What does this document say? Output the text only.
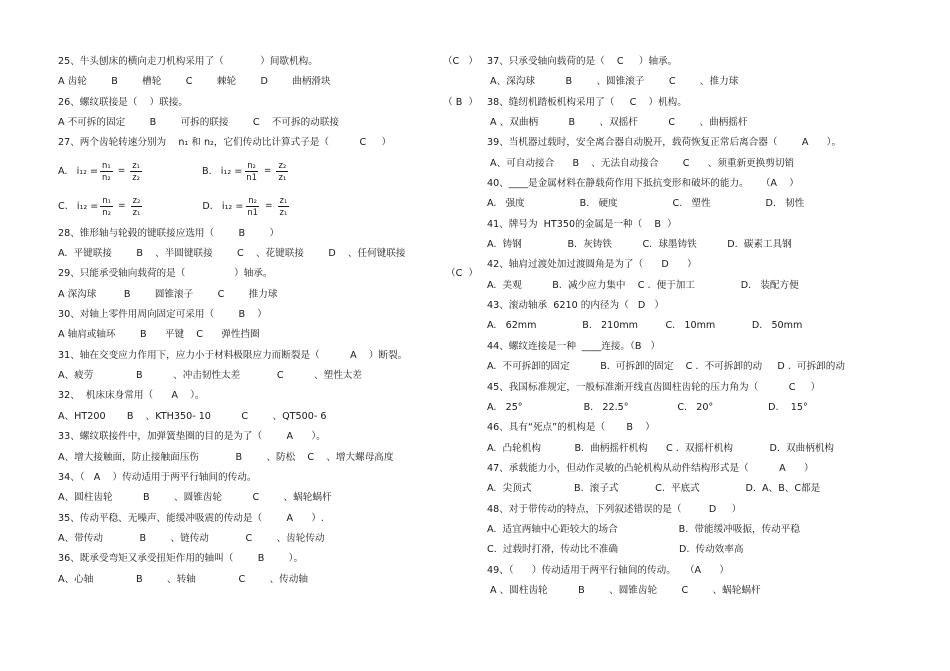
25、牛头刨床的横向走刀机构采用了（            ）间歇机构。	（C   ）
A 齿轮        B        槽轮        C        棘轮        D        曲柄滑块
26、螺纹联接是（    ）联接。	（ B  ）
A 不可拆的固定        B        可拆的联接        C    不可拆的动联接
27、两个齿轮转速分别为    n₁ 和 n₂，它们传动比计算式子是（          C     ）
A.   $i_{12} = \frac{\text{n₁}}{\text{n₂}} = \frac{\text{z₁}}{\text{z₂}}$	B.   $i_{12} = \frac{\text{n₂}}{n1} = \frac{\text{z₂}}{\text{z₁}}$
C.   $i_{12} = \frac{\text{n₁}}{\text{n₂}} = \frac{\text{z₂}}{\text{z₁}}$	D.   $i_{12} = \frac{\text{n₂}}{n1} = \frac{\text{z₁}}{\text{z₁}}$
28、锥形轴与轮毂的键联接应选用（        B        ）
A.  平键联接        B    、半圆键联接        C    、花键联接        D    、任何键联接
29、只能承受轴向载荷的是（                ）轴承。	（C  ）
A 深沟球         B        圆锥滚子        C        推力球
30、对轴上零件用周向固定可采用（        B    ）
A 轴肩或轴环        B      平键    C      弹性挡圈
31、轴在交变应力作用下，应力小于材料极限应力而断裂是（          A    ）断裂。
A、疲劳              B          、冲击韧性太差            C          、塑性太差
32、  机床床身常用（      A    ）。
A、HT200       B    、KTH350- 10          C        、QT500- 6
33、螺纹联接件中，加弹簧垫圈的目的是为了（        A      ）。
A、增大接触面，防止接触面压伤            B        、防松    C    、增大螺母高度
34、（   A    ）传动适用于两平行轴间的传动。
A、圆柱齿轮          B        、圆锥齿轮          C        、蜗轮蜗杆
35、传动平稳、无噪声、能缓冲吸震的传动是（        A      ）.
A、带传动            B        、链传动            C        、齿轮传动
36、既承受弯矩又承受扭矩作用的轴叫（        B        ）。
A、心轴              B        、转轴              C        、传动轴
37、只承受轴向载荷的是（    C     ）轴承。
A、深沟球          B        、圆锥滚子        C        、推力球
38、缝纫机踏板机构采用了（     C    ）机构。
A 、双曲柄          B        、双摇杆          C        、曲柄摇杆
39、当机器过载时，安全离合器自动脱开，载荷恢复正常后离合器（        A      ）。
A、可自动接合      B    、无法自动接合        C      、须重新更换剪切销
40、____是金属材料在静载荷作用下抵抗变形和破坏的能力。    （A    ）
A.   强度                  B.   硬度                  C.   塑性                  D.   韧性
41、牌号为  HT350的金属是一种（    B  ）
A.  铸钢               B.  灰铸铁          C.  球墨铸铁          D.  碳素工具钢
42、轴肩过渡处加过渡圆角是为了（      D      ）
A.  美观          B.  减少应力集中    C .  便于加工               D.   装配方便
43、滚动轴承  6210 的内径为（   D   ）
A.   62mm               B.   210mm         C.   10mm            D.   50mm
44、螺纹连接是一种  ____连接。（B   ）
A.  不可拆卸的固定          B.  可拆卸的固定    C .  不可拆卸的动     D .  可拆卸的动
45、我国标准规定，一般标准渐开线直齿圆柱齿轮的压力角为（          C     ）
A.   25°                    B.   22.5°                C.   20°                  D.    15°
46、具有“死点”的机构是（       B    ）
A.  凸轮机构           B.  曲柄摇杆机构      C .  双摇杆机构            D.  双曲柄机构
47、承载能力小，但动作灵敏的凸轮机构从动件结构形式是（          A      ）
A.  尖顶式              B.  滚子式            C.  平底式               D.  A、B、C都是
48、对于带传动的特点，下列叙述错误的是（         D     ）
A.  适宜两轴中心距较大的场合                    B.  带能缓冲吸振，传动平稳
C.  过载时打滑，传动比不准确                    D.  传动效率高
49、（      ）传动适用于两平行轴间的传动。   （A      ）
A 、圆柱齿轮          B        、圆锥齿轮        C        、蜗轮蜗杆
